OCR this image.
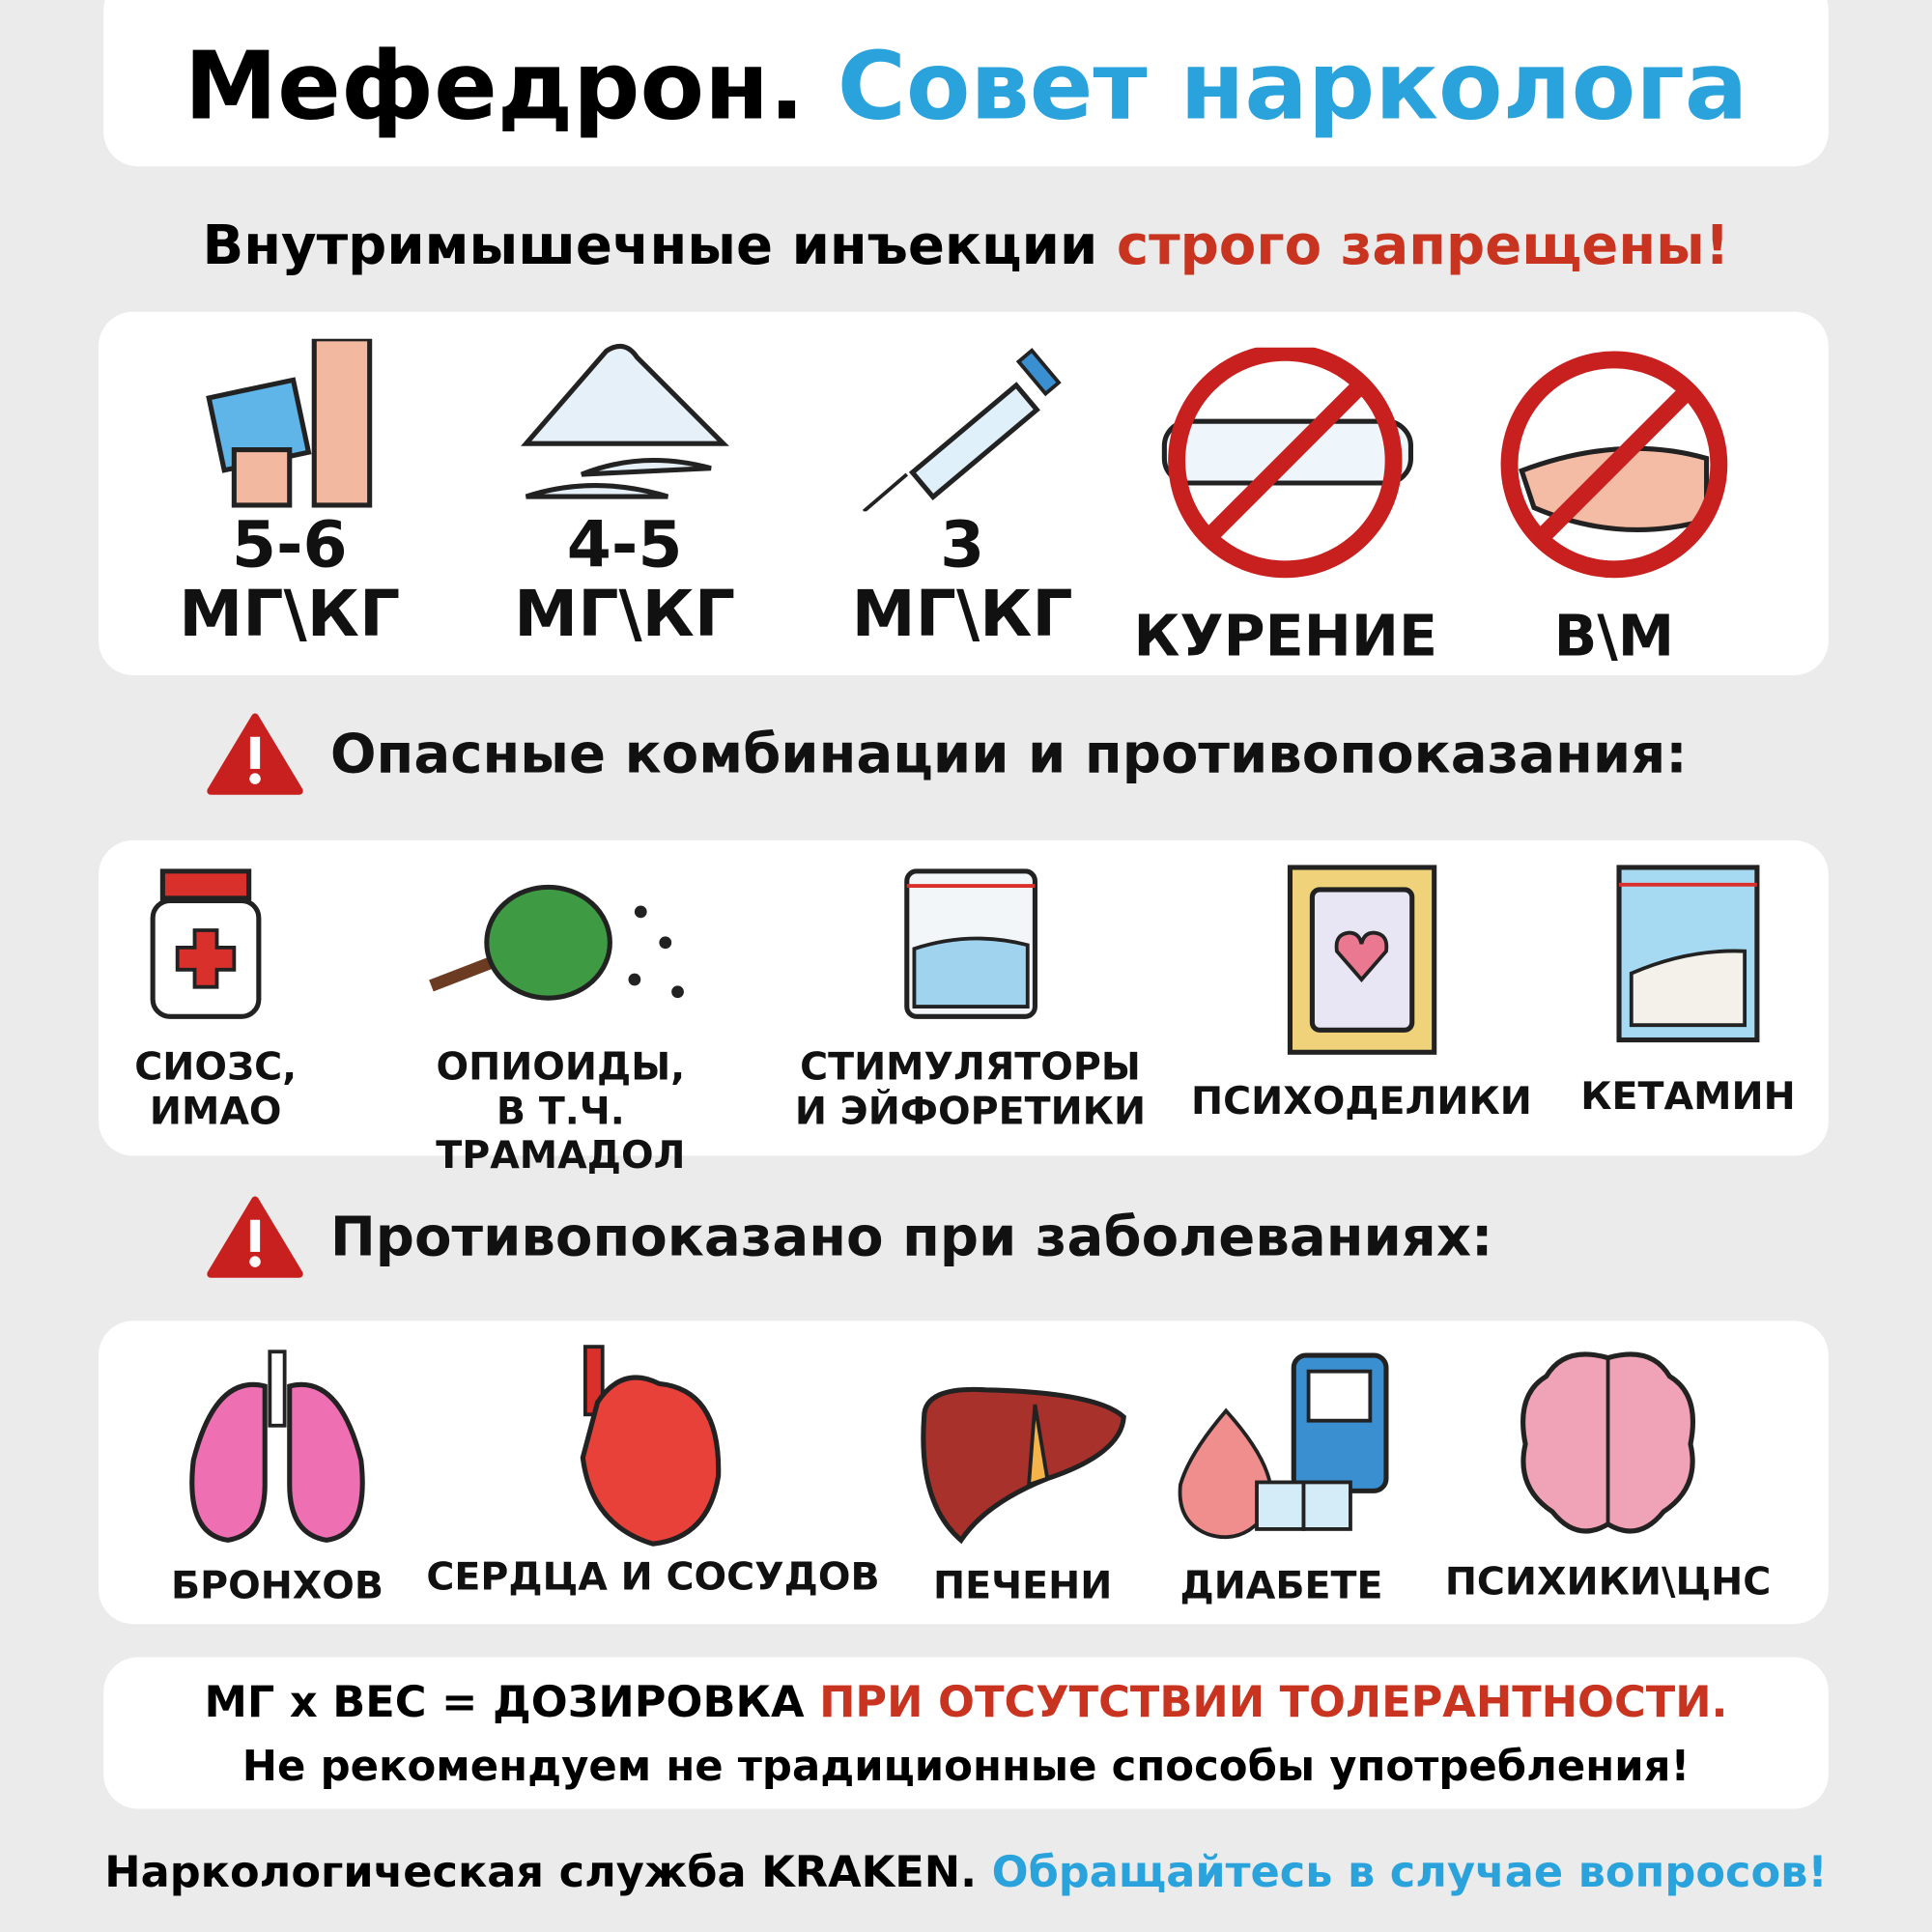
Мефедрон. Совет нарколога
Внутримышечные инъекции строго запрещены!
5-6
МГ\КГ
4-5
МГ\КГ
3
МГ\КГ	КУРЕНИЕ	В\М
Опасные комбинации и противопоказания:
СИОЗС,
ИМАО
ОПИОИДЫ,
В Т.Ч. ТРАМАДОЛ
СТИМУЛЯТОРЫ
И ЭЙФОРЕТИКИ ПСИХОДЕЛИКИ КЕТАМИН
Противопоказано при заболеваниях:
БРОНХОВ СЕРДЦА И СОСУДОВ	ПЕЧЕНИ	ДИАБЕТЕ	ПСИХИКИ\ЦНС
МГ x ВЕС = ДОЗИРОВКА ПРИ ОТСУТСТВИИ ТОЛЕРАНТНОСТИ.
Не рекомендуем не традиционные способы употребления!
Наркологическая служба KRAKEN. Обращайтесь в случае вопросов!
